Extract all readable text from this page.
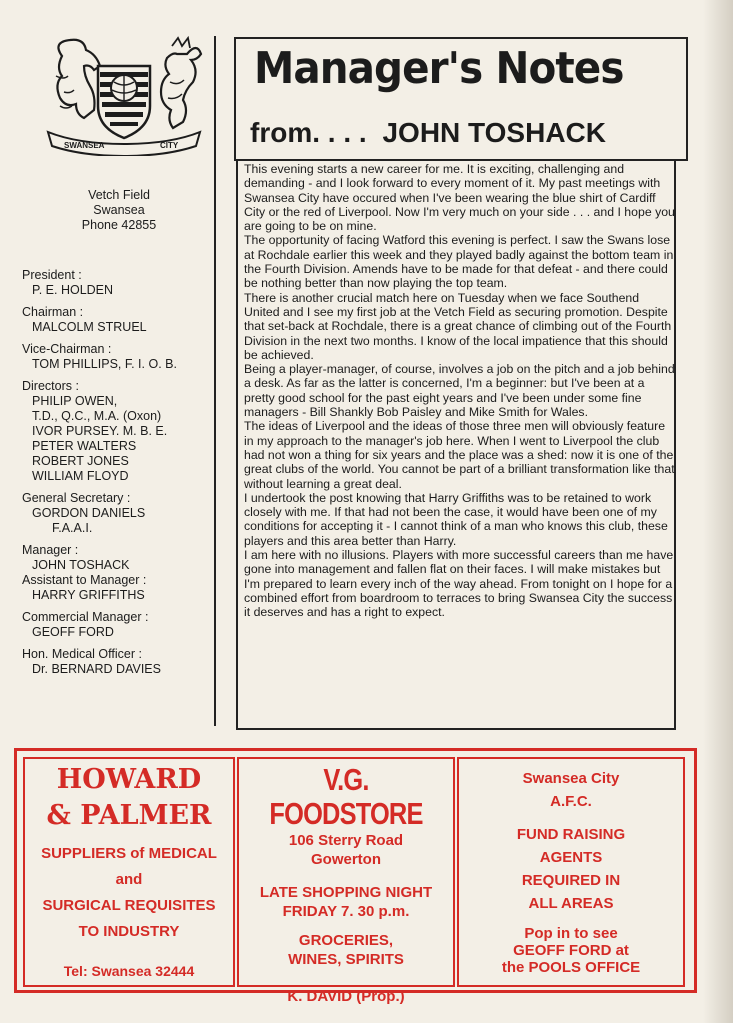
SWANSEA	CITY
Vetch Field
Swansea
Phone 42855
President :
P. E. HOLDEN
Chairman :
MALCOLM STRUEL
Vice-Chairman :
TOM PHILLIPS, F. I. O. B.
Directors :
PHILIP OWEN,
T.D., Q.C., M.A. (Oxon)
IVOR PURSEY. M. B. E.
PETER WALTERS
ROBERT JONES
WILLIAM FLOYD
General Secretary :
GORDON DANIELS
F.A.A.I.
Manager :
JOHN TOSHACK
Assistant to Manager :
HARRY GRIFFITHS
Commercial Manager :
GEOFF FORD
Hon. Medical Officer :
Dr. BERNARD DAVIES
Manager's Notes
from. . . . JOHN TOSHACK

This evening starts a new career for me. It is exciting, challenging and demanding - and I look forward to every moment of it. My past meetings with Swansea City have occured when I've been wearing the blue shirt of Cardiff City or the red of Liverpool. Now I'm very much on your side . . . and I hope you are going to be on mine.

The opportunity of facing Watford this evening is perfect. I saw the Swans lose at Rochdale earlier this week and they played badly against the bottom team in the Fourth Division. Amends have to be made for that defeat - and there could be nothing better than now playing the top team.

There is another crucial match here on Tuesday when we face Southend United and I see my first job at the Vetch Field as securing promotion. Despite that set-back at Rochdale, there is a great chance of climbing out of the Fourth Division in the next two months. I know of the local impatience that this should be achieved.

Being a player-manager, of course, involves a job on the pitch and a job behind a desk. As far as the latter is concerned, I'm a beginner: but I've been at a pretty good school for the past eight years and I've been under some fine managers - Bill Shankly Bob Paisley and Mike Smith for Wales.

The ideas of Liverpool and the ideas of those three men will obviously feature in my approach to the manager's job here. When I went to Liverpool the club had not won a thing for six years and the place was a shed: now it is one of the great clubs of the world. You cannot be part of a brilliant transformation like that without learning a great deal.

I undertook the post knowing that Harry Griffiths was to be retained to work closely with me. If that had not been the case, it would have been one of my conditions for accepting it - I cannot think of a man who knows this club, these players and this area better than Harry.

I am here with no illusions. Players with more successful careers than me have gone into management and fallen flat on their faces. I will make mistakes but I'm prepared to learn every inch of the way ahead. From tonight on I hope for a combined effort from boardroom to terraces to bring Swansea City the success it deserves and has a right to expect.

HOWARD
& PALMER
SUPPLIERS of MEDICAL
and
SURGICAL REQUISITES
TO INDUSTRY
Tel: Swansea 32444
V.G. FOODSTORE
106 Sterry Road
Gowerton
LATE SHOPPING NIGHT
FRIDAY 7. 30 p.m.
GROCERIES,
WINES, SPIRITS
K. DAVID (Prop.)
Swansea City
A.F.C.
FUND RAISING
AGENTS
REQUIRED IN
ALL AREAS
Pop in to see
GEOFF FORD at
the POOLS OFFICE
